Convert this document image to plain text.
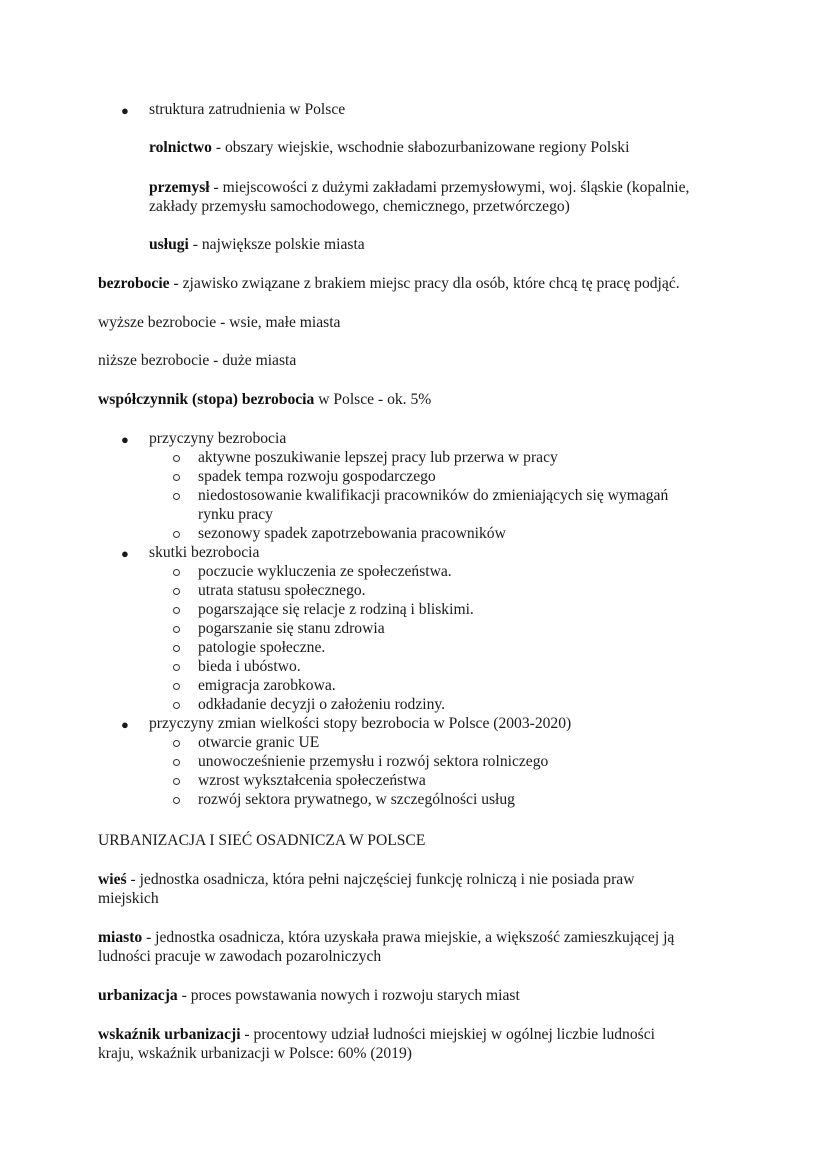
● struktura zatrudnienia w Polsce
rolnictwo - obszary wiejskie, wschodnie słabozurbanizowane regiony Polski
przemysł - miejscowości z dużymi zakładami przemysłowymi, woj. śląskie (kopalnie,
zakłady przemysłu samochodowego, chemicznego, przetwórczego)
usługi - największe polskie miasta
bezrobocie - zjawisko związane z brakiem miejsc pracy dla osób, które chcą tę pracę podjąć.
wyższe bezrobocie - wsie, małe miasta
niższe bezrobocie - duże miasta
współczynnik (stopa) bezrobocia w Polsce - ok. 5%
● przyczyny bezrobocia
aktywne poszukiwanie lepszej pracy lub przerwa w pracy
spadek tempa rozwoju gospodarczego
niedostosowanie kwalifikacji pracowników do zmieniających się wymagań
rynku pracy
sezonowy spadek zapotrzebowania pracowników
● skutki bezrobocia
poczucie wykluczenia ze społeczeństwa.
utrata statusu społecznego.
pogarszające się relacje z rodziną i bliskimi.
pogarszanie się stanu zdrowia
patologie społeczne.
bieda i ubóstwo.
emigracja zarobkowa.
odkładanie decyzji o założeniu rodziny.
● przyczyny zmian wielkości stopy bezrobocia w Polsce (2003-2020)
otwarcie granic UE
unowocześnienie przemysłu i rozwój sektora rolniczego
wzrost wykształcenia społeczeństwa
rozwój sektora prywatnego, w szczególności usług
URBANIZACJA I SIEĆ OSADNICZA W POLSCE
wieś - jednostka osadnicza, która pełni najczęściej funkcję rolniczą i nie posiada praw
miejskich
miasto - jednostka osadnicza, która uzyskała prawa miejskie, a większość zamieszkującej ją
ludności pracuje w zawodach pozarolniczych
urbanizacja - proces powstawania nowych i rozwoju starych miast
wskaźnik urbanizacji - procentowy udział ludności miejskiej w ogólnej liczbie ludności
kraju, wskaźnik urbanizacji w Polsce: 60% (2019)
